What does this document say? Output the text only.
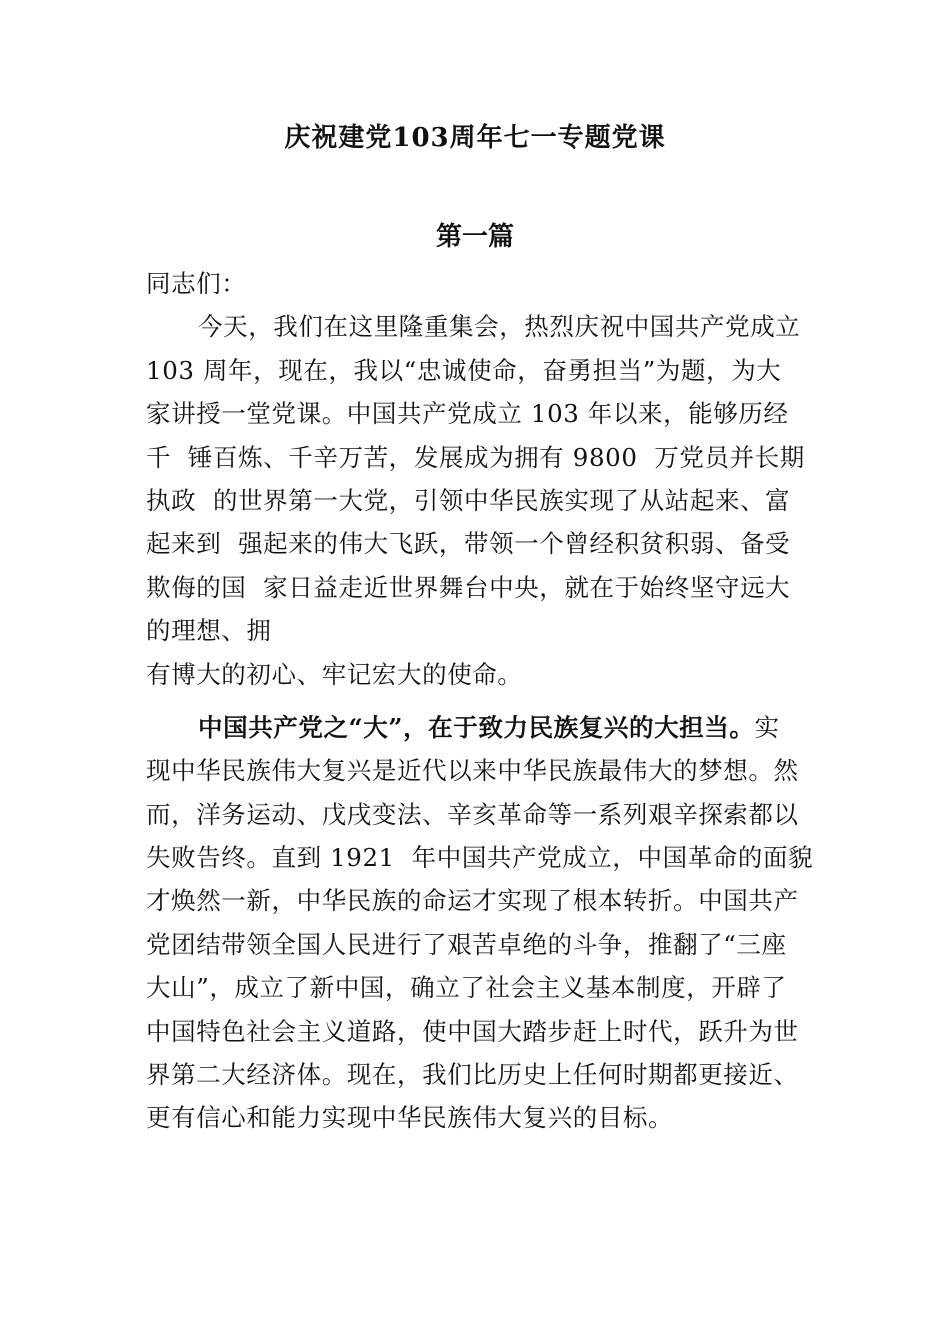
庆祝建党103周年七一专题党课
第一篇
同志们：
今天，我们在这里隆重集会，热烈庆祝中国共产党成立
103 周年，现在，我以“忠诚使命，奋勇担当”为题，为大
家讲授一堂党课。中国共产党成立 103 年以来，能够历经
千  锤百炼、千辛万苦，发展成为拥有 9800  万党员并长期
执政  的世界第一大党，引领中华民族实现了从站起来、富
起来到  强起来的伟大飞跃，带领一个曾经积贫积弱、备受
欺侮的国  家日益走近世界舞台中央，就在于始终坚守远大
的理想、拥
有博大的初心、牢记宏大的使命。
中国共产党之“大”，在于致力民族复兴的大担当。实
现中华民族伟大复兴是近代以来中华民族最伟大的梦想。然
而，洋务运动、戊戌变法、辛亥革命等一系列艰辛探索都以
失败告终。直到 1921  年中国共产党成立，中国革命的面貌
才焕然一新，中华民族的命运才实现了根本转折。中国共产
党团结带领全国人民进行了艰苦卓绝的斗争，推翻了“三座
大山”，成立了新中国，确立了社会主义基本制度，开辟了
中国特色社会主义道路，使中国大踏步赶上时代，跃升为世
界第二大经济体。现在，我们比历史上任何时期都更接近、
更有信心和能力实现中华民族伟大复兴的目标。
